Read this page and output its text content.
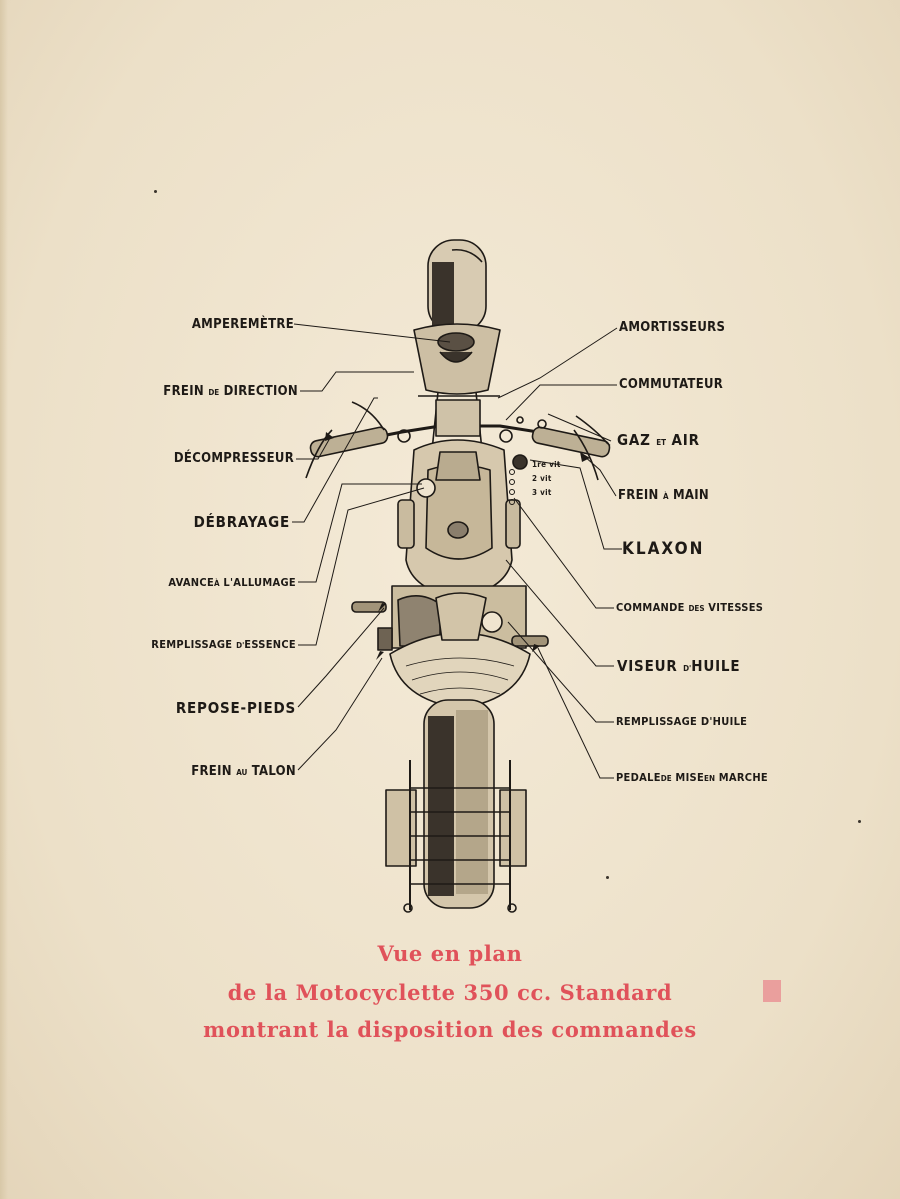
AMPEREMÈTRE
FREIN DE DIRECTION
DÉCOMPRESSEUR
DÉBRAYAGE
AVANCEÀ L'ALLUMAGE
REMPLISSAGE D'ESSENCE
REPOSE-PIEDS
FREIN AU TALON
AMORTISSEURS
COMMUTATEUR
GAZ ET AIR
FREIN À MAIN
KLAXON
COMMANDE DES VITESSES
VISEUR D'HUILE
REMPLISSAGE D'HUILE
PEDALEDE MISEEN MARCHE
1re vit
2 vit
3 vit
Vue en plan
de la Motocyclette 350 cc. Standard
montrant la disposition des commandes
